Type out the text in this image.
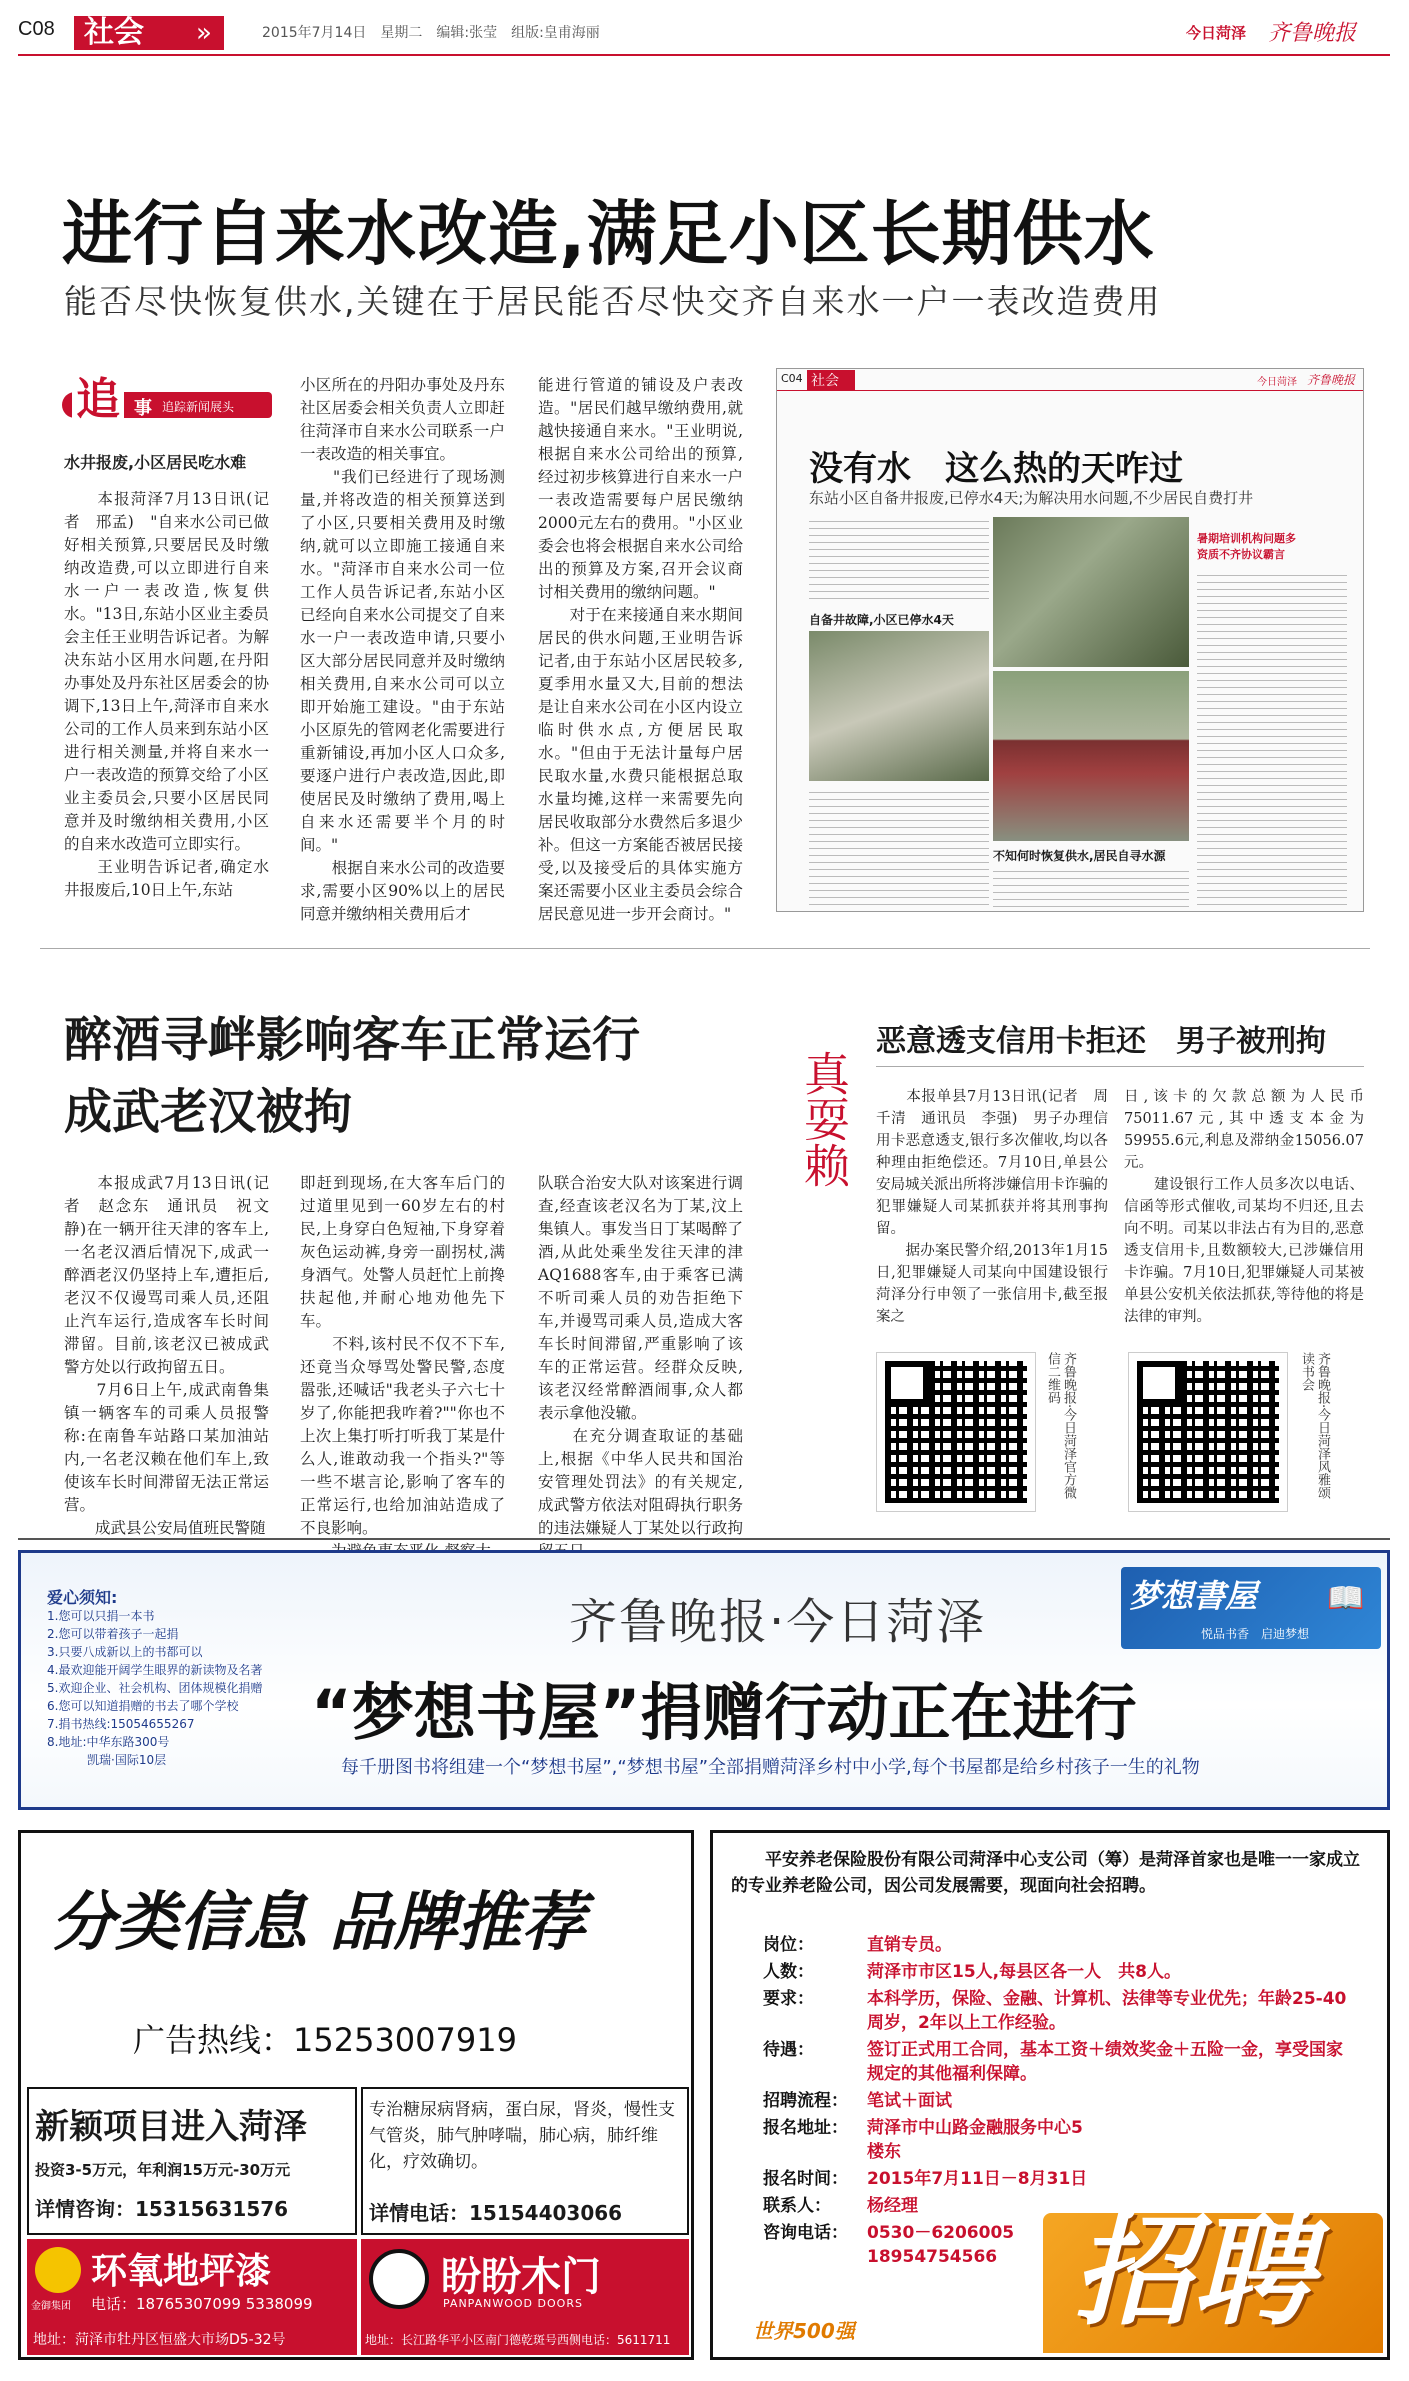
C08 社会 »	2015年7月14日　星期二　编辑:张莹　组版:皇甫海丽	今日菏泽 齐鲁晚报
进行自来水改造,满足小区长期供水
能否尽快恢复供水,关键在于居民能否尽快交齐自来水一户一表改造费用
追 事 追踪新闻展头
水井报废,小区居民吃水难

　　本报菏泽7月13日讯(记者　邢孟)　"自来水公司已做好相关预算,只要居民及时缴纳改造费,可以立即进行自来水一户一表改造,恢复供水。"13日,东站小区业主委员会主任王业明告诉记者。为解决东站小区用水问题,在丹阳办事处及丹东社区居委会的协调下,13日上午,菏泽市自来水公司的工作人员来到东站小区进行相关测量,并将自来水一户一表改造的预算交给了小区业主委员会,只要小区居民同意并及时缴纳相关费用,小区的自来水改造可立即实行。
　　王业明告诉记者,确定水井报废后,10日上午,东站

小区所在的丹阳办事处及丹东社区居委会相关负责人立即赶往菏泽市自来水公司联系一户一表改造的相关事宜。
　　"我们已经进行了现场测量,并将改造的相关预算送到了小区,只要相关费用及时缴纳,就可以立即施工接通自来水。"菏泽市自来水公司一位工作人员告诉记者,东站小区已经向自来水公司提交了自来水一户一表改造申请,只要小区大部分居民同意并及时缴纳相关费用,自来水公司可以立即开始施工建设。"由于东站小区原先的管网老化需要进行重新铺设,再加小区人口众多,要逐户进行户表改造,因此,即使居民及时缴纳了费用,喝上自来水还需要半个月的时间。"
　　根据自来水公司的改造要求,需要小区90%以上的居民同意并缴纳相关费用后才

能进行管道的铺设及户表改造。"居民们越早缴纳费用,就越快接通自来水。"王业明说,根据自来水公司给出的预算,经过初步核算进行自来水一户一表改造需要每户居民缴纳2000元左右的费用。"小区业委会也将会根据自来水公司给出的预算及方案,召开会议商讨相关费用的缴纳问题。"
　　对于在来接通自来水期间居民的供水问题,王业明告诉记者,由于东站小区居民较多,夏季用水量又大,目前的想法是让自来水公司在小区内设立临时供水点,方便居民取水。"但由于无法计量每户居民取水量,水费只能根据总取水量均摊,这样一来需要先向居民收取部分水费然后多退少补。但这一方案能否被居民接受,以及接受后的具体实施方案还需要小区业主委员会综合居民意见进一步开会商讨。"

C04 社会	今日菏泽 齐鲁晚报
没有水　这么热的天咋过
东站小区自备井报废,已停水4天;为解决用水问题,不少居民自费打井
自备井故障,小区已停水4天
不知何时恢复供水,居民自寻水源
暑期培训机构问题多
资质不齐协议霸言
醉酒寻衅影响客车正常运行
成武老汉被拘

　　本报成武7月13日讯(记者　赵念东　通讯员　祝文静)在一辆开往天津的客车上,一名老汉酒后情况下,成武一醉酒老汉仍坚持上车,遭拒后,老汉不仅谩骂司乘人员,还阻止汽车运行,造成客车长时间滞留。目前,该老汉已被成武警方处以行政拘留五日。
　　7月6日上午,成武南鲁集镇一辆客车的司乘人员报警称:在南鲁车站路口某加油站内,一名老汉赖在他们车上,致使该车长时间滞留无法正常运营。
　　成武县公安局值班民警随

即赶到现场,在大客车后门的过道里见到一60岁左右的村民,上身穿白色短袖,下身穿着灰色运动裤,身旁一副拐杖,满身酒气。处警人员赶忙上前搀扶起他,并耐心地劝他先下车。
　　不料,该村民不仅不下车,还竟当众辱骂处警民警,态度嚣张,还喊话"我老头子六七十岁了,你能把我咋着?""你也不上次上集打听打听我丁某是什么人,谁敢动我一个指头?"等一些不堪言论,影响了客车的正常运行,也给加油站造成了不良影响。

队联合治安大队对该案进行调查,经查该老汉名为丁某,汶上集镇人。事发当日丁某喝醉了酒,从此处乘坐发往天津的津AQ1688客车,由于乘客已满不听司乘人员的劝告拒绝下车,并谩骂司乘人员,造成大客车长时间滞留,严重影响了该车的正常运营。经群众反映,该老汉经常醉酒闹事,众人都表示拿他没辙。
　　在充分调查取证的基础上,根据《中华人民共和国治安管理处罚法》的有关规定,成武警方依法对阻碍执行职务的违法嫌疑人丁某处以行政拘

真耍赖
恶意透支信用卡拒还　男子被刑拘

　　本报单县7月13日讯(记者　周千清　通讯员　李强)　男子办理信用卡恶意透支,银行多次催收,均以各种理由拒绝偿还。7月10日,单县公安局城关派出所将涉嫌信用卡诈骗的犯罪嫌疑人司某抓获并将其刑事拘留。
　　据办案民警介绍,2013年1月15日,犯罪嫌疑人司某向中国建设银行菏泽分行申领了一张信用卡,截至报案之

日,该卡的欠款总额为人民币75011.67元,其中透支本金为59955.6元,利息及滞纳金15056.07元。
　　建设银行工作人员多次以电话、信函等形式催收,司某均不归还,且去向不明。司某以非法占有为目的,恶意透支信用卡,且数额较大,已涉嫌信用卡诈骗。7月10日,犯罪嫌疑人司某被单县公安机关依法抓获,等待他的将是法律的审判。

齐鲁晚报·今日菏泽官方微信二维码	齐鲁晚报·今日菏泽风雅颂读书会
爱心须知:
1.您可以只捐一本书
2.您可以带着孩子一起捐
3.只要八成新以上的书都可以
4.最欢迎能开阔学生眼界的新读物及名著
5.欢迎企业、社会机构、团体规模化捐赠
6.您可以知道捐赠的书去了哪个学校
7.捐书热线:15054655267
8.地址:中华东路300号
凯瑞·国际10层
齐鲁晚报·今日菏泽
“梦想书屋”捐赠行动正在进行
每千册图书将组建一个“梦想书屋”,“梦想书屋”全部捐赠菏泽乡村中小学,每个书屋都是给乡村孩子一生的礼物
梦想書屋 📖
悦品书香　启迪梦想
分类信息 品牌推荐
广告热线：15253007919
新颖项目进入菏泽
投资3-5万元，年利润15万元-30万元
详情咨询：15315631576
专治糖尿病肾病，蛋白尿，肾炎，慢性支气管炎，肺气肿哮喘，肺心病，肺纤维化，疗效确切。
详情电话：15154403066
金御集团
环氧地坪漆
电话：18765307099 5338099
地址：菏泽市牡丹区恒盛大市场D5-32号
盼盼木门
PANPANWOOD DOORS
地址：长江路华平小区南门德乾斑号西侧电话：5611711
　　平安养老保险股份有限公司菏泽中心支公司（筹）是菏泽首家也是唯一一家成立的专业养老险公司，因公司发展需要，现面向社会招聘。
岗位：	直销专员。
人数：	菏泽市市区15人,每县区各一人　共8人。
要求：	本科学历，保险、金融、计算机、法律等专业优先；年龄25-40周岁，2年以上工作经验。
待遇：	签订正式用工合同，基本工资＋绩效奖金＋五险一金，享受国家规定的其他福利保障。
招聘流程：	笔试＋面试
报名地址：	菏泽市中山路金融服务中心5楼东
报名时间：	2015年7月11日－8月31日
联系人：	杨经理
咨询电话：	0530－6206005
18954754566 招聘
世界500强
